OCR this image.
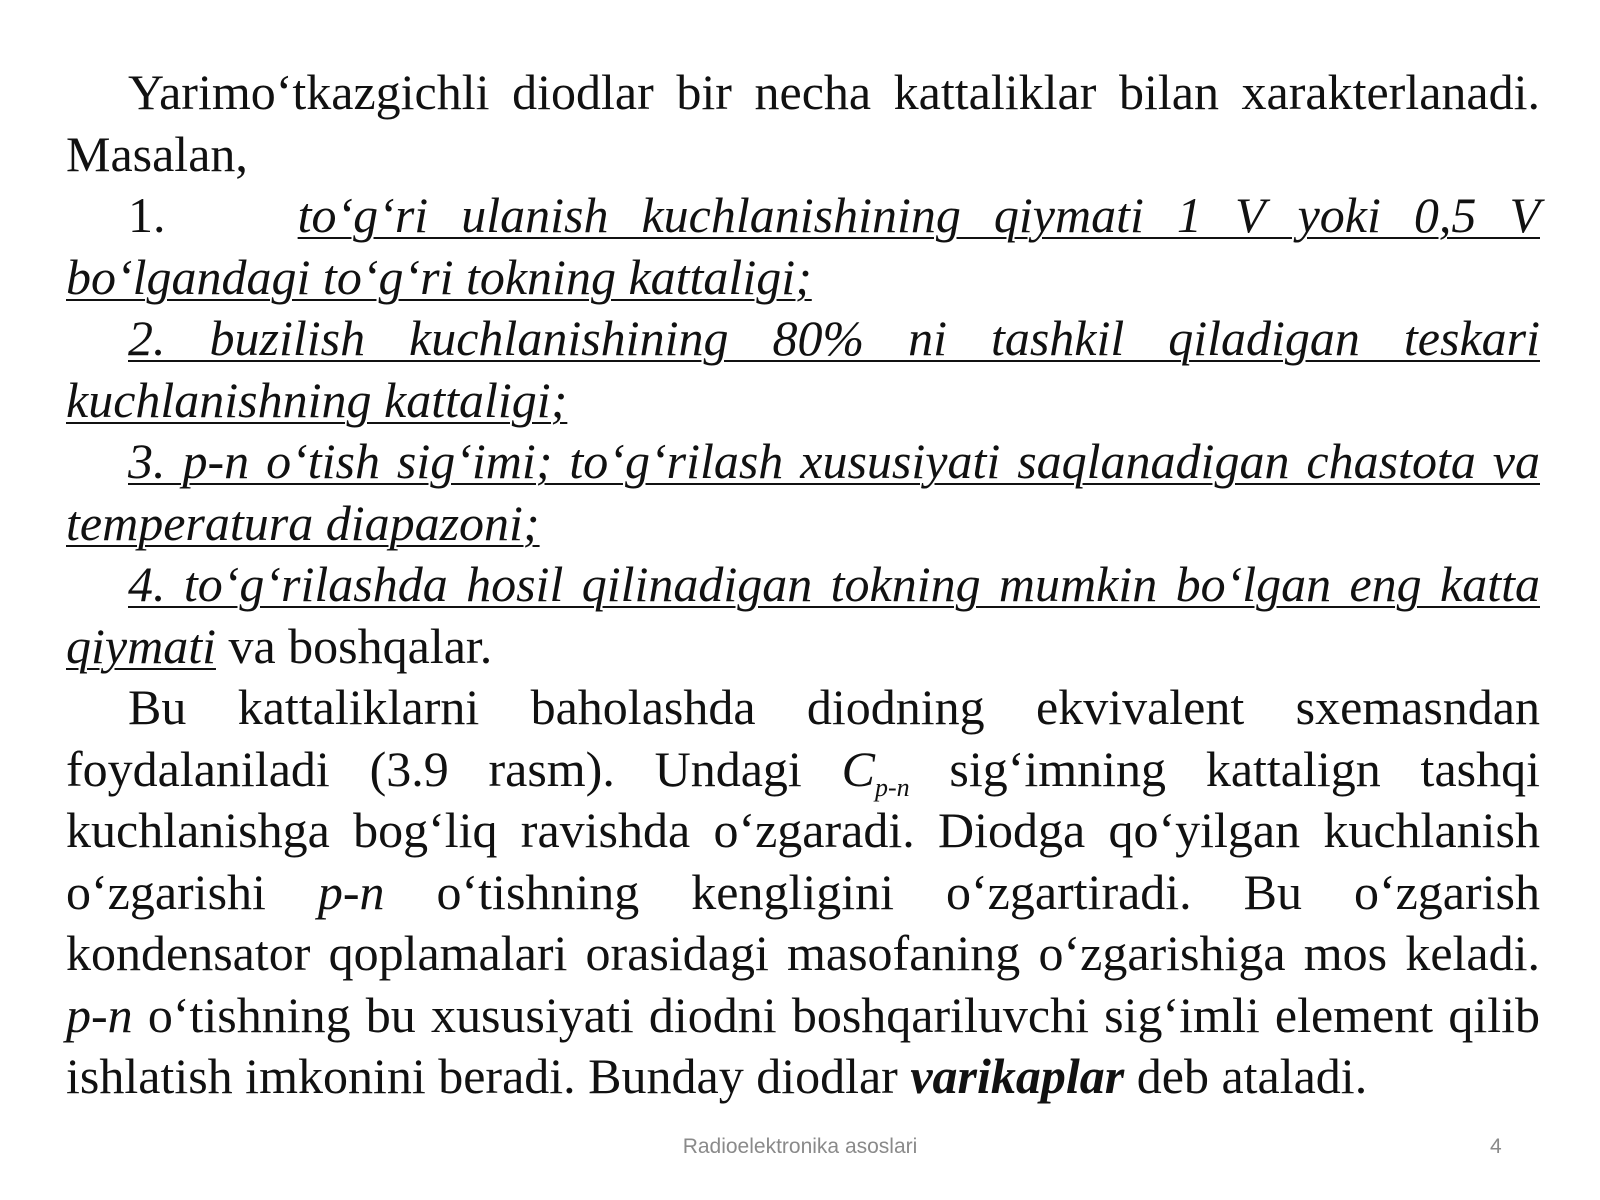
Yarimo‘tkazgichli diodlar bir necha kattaliklar bilan xarakterlanadi. Masalan,

1.	to‘g‘ri ulanish kuchlanishining qiymati 1 V yoki 0,5 V bo‘lgandagi to‘g‘ri tokning kattaligi;

2. buzilish kuchlanishining 80% ni tashkil qiladigan teskari kuchlanishning kattaligi;

3. p-n o‘tish sig‘imi; to‘g‘rilash xususiyati saqlanadigan chastota va temperatura diapazoni;

4. to‘g‘rilashda hosil qilinadigan tokning mumkin bo‘lgan eng katta qiymati va boshqalar.

Bu kattaliklarni baholashda diodning ekvivalent sxemasndan foydalaniladi (3.9 rasm). Undagi $C_{p-n}$ sig‘imning kattalign tashqi kuchlanishga bog‘liq ravishda o‘zgaradi. Diodga qo‘yilgan kuchlanish o‘zgarishi p-n o‘tishning kengligini o‘zgartiradi. Bu o‘zgarish kondensator qoplamalari orasidagi masofaning o‘zgarishiga mos keladi. p-n o‘tishning bu xususiyati diodni boshqariluvchi sig‘imli element qilib ishlatish imkonini beradi. Bunday diodlar varikaplar deb ataladi.

Radioelektronika asoslari	4
